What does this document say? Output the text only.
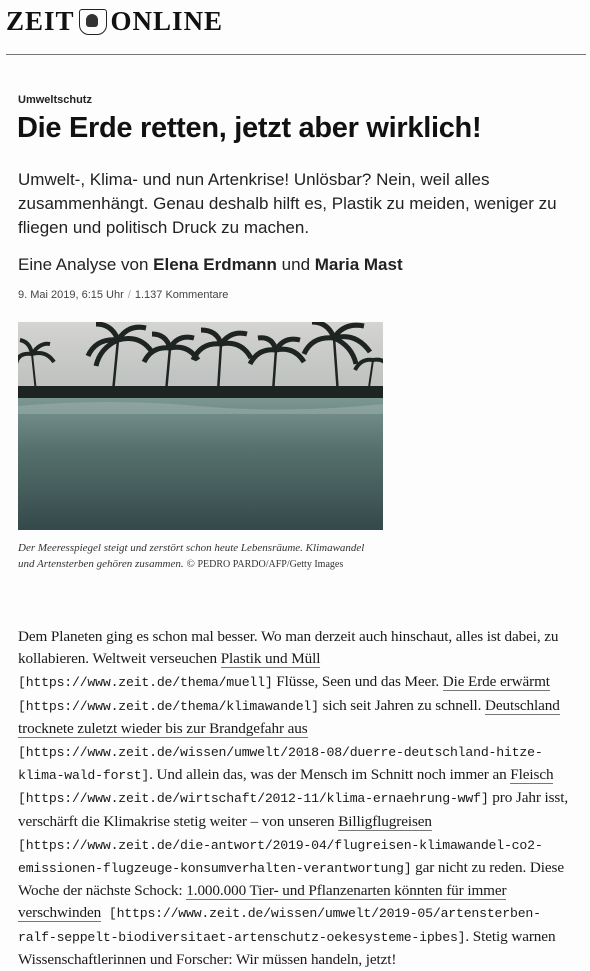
ZEIT ONLINE
Umweltschutz
Die Erde retten, jetzt aber wirklich!

Umwelt-, Klima- und nun Artenkrise! Unlösbar? Nein, weil alles zusammenhängt. Genau deshalb hilft es, Plastik zu meiden, weniger zu fliegen und politisch Druck zu machen.

Eine Analyse von Elena Erdmann und Maria Mast
9. Mai 2019, 6:15 Uhr / 1.137 Kommentare
Der Meeresspiegel steigt und zerstört schon heute Lebensräume. Klimawandel und Artensterben gehören zusammen. © PEDRO PARDO/AFP/Getty Images
Dem Planeten ging es schon mal besser. Wo man derzeit auch hinschaut, alles ist dabei, zu kollabieren. Weltweit verseuchen Plastik und Müll [https://www.zeit.de/thema/muell] Flüsse, Seen und das Meer. Die Erde erwärmt [https://www.zeit.de/thema/klimawandel] sich seit Jahren zu schnell. Deutschland trocknete zuletzt wieder bis zur Brandgefahr aus [https://www.zeit.de/wissen/umwelt/2018-08/duerre-deutschland-hitze-klima-wald-forst]. Und allein das, was der Mensch im Schnitt noch immer an Fleisch [https://www.zeit.de/wirtschaft/2012-11/klima-ernaehrung-wwf] pro Jahr isst, verschärft die Klimakrise stetig weiter – von unseren Billigflugreisen [https://www.zeit.de/die-antwort/2019-04/flugreisen-klimawandel-co2-emissionen-flugzeuge-konsumverhalten-verantwortung] gar nicht zu reden. Diese Woche der nächste Schock: 1.000.000 Tier- und Pflanzenarten könnten für immer verschwinden [https://www.zeit.de/wissen/umwelt/2019-05/artensterben-ralf-seppelt-biodiversitaet-artenschutz-oekesysteme-ipbes]. Stetig warnen Wissenschaftlerinnen und Forscher: Wir müssen handeln, jetzt!
